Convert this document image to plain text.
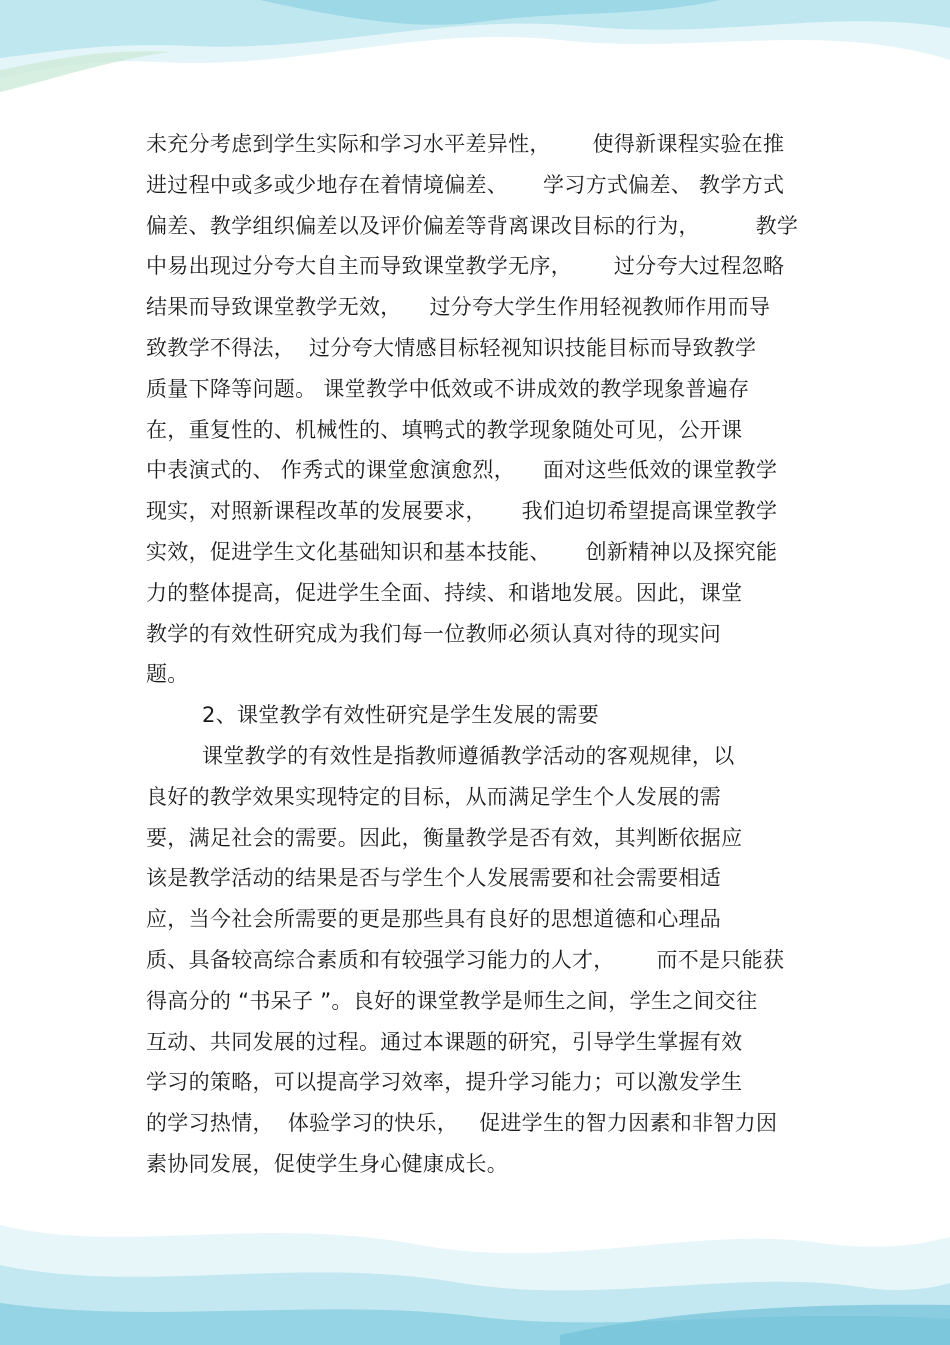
未充分考虑到学生实际和学习水平差异性，      使得新课程实验在推
进过程中或多或少地存在着情境偏差、     学习方式偏差、 教学方式
偏差、教学组织偏差以及评价偏差等背离课改目标的行为，        教学
中易出现过分夸大自主而导致课堂教学无序，      过分夸大过程忽略
结果而导致课堂教学无效，    过分夸大学生作用轻视教师作用而导
致教学不得法，  过分夸大情感目标轻视知识技能目标而导致教学
质量下降等问题。 课堂教学中低效或不讲成效的教学现象普遍存
在，重复性的、机械性的、填鸭式的教学现象随处可见，公开课
中表演式的、 作秀式的课堂愈演愈烈，    面对这些低效的课堂教学
现实，对照新课程改革的发展要求，     我们迫切希望提高课堂教学
实效，促进学生文化基础知识和基本技能、     创新精神以及探究能
力的整体提高，促进学生全面、持续、和谐地发展。因此，课堂
教学的有效性研究成为我们每一位教师必须认真对待的现实问
题。
2、课堂教学有效性研究是学生发展的需要
课堂教学的有效性是指教师遵循教学活动的客观规律，以
良好的教学效果实现特定的目标，从而满足学生个人发展的需
要，满足社会的需要。因此，衡量教学是否有效，其判断依据应
该是教学活动的结果是否与学生个人发展需要和社会需要相适
应，当今社会所需要的更是那些具有良好的思想道德和心理品
质、具备较高综合素质和有较强学习能力的人才，      而不是只能获
得高分的 “书呆子 ”。良好的课堂教学是师生之间，学生之间交往
互动、共同发展的过程。通过本课题的研究，引导学生掌握有效
学习的策略，可以提高学习效率，提升学习能力；可以激发学生
的学习热情，  体验学习的快乐，   促进学生的智力因素和非智力因
素协同发展，促使学生身心健康成长。
